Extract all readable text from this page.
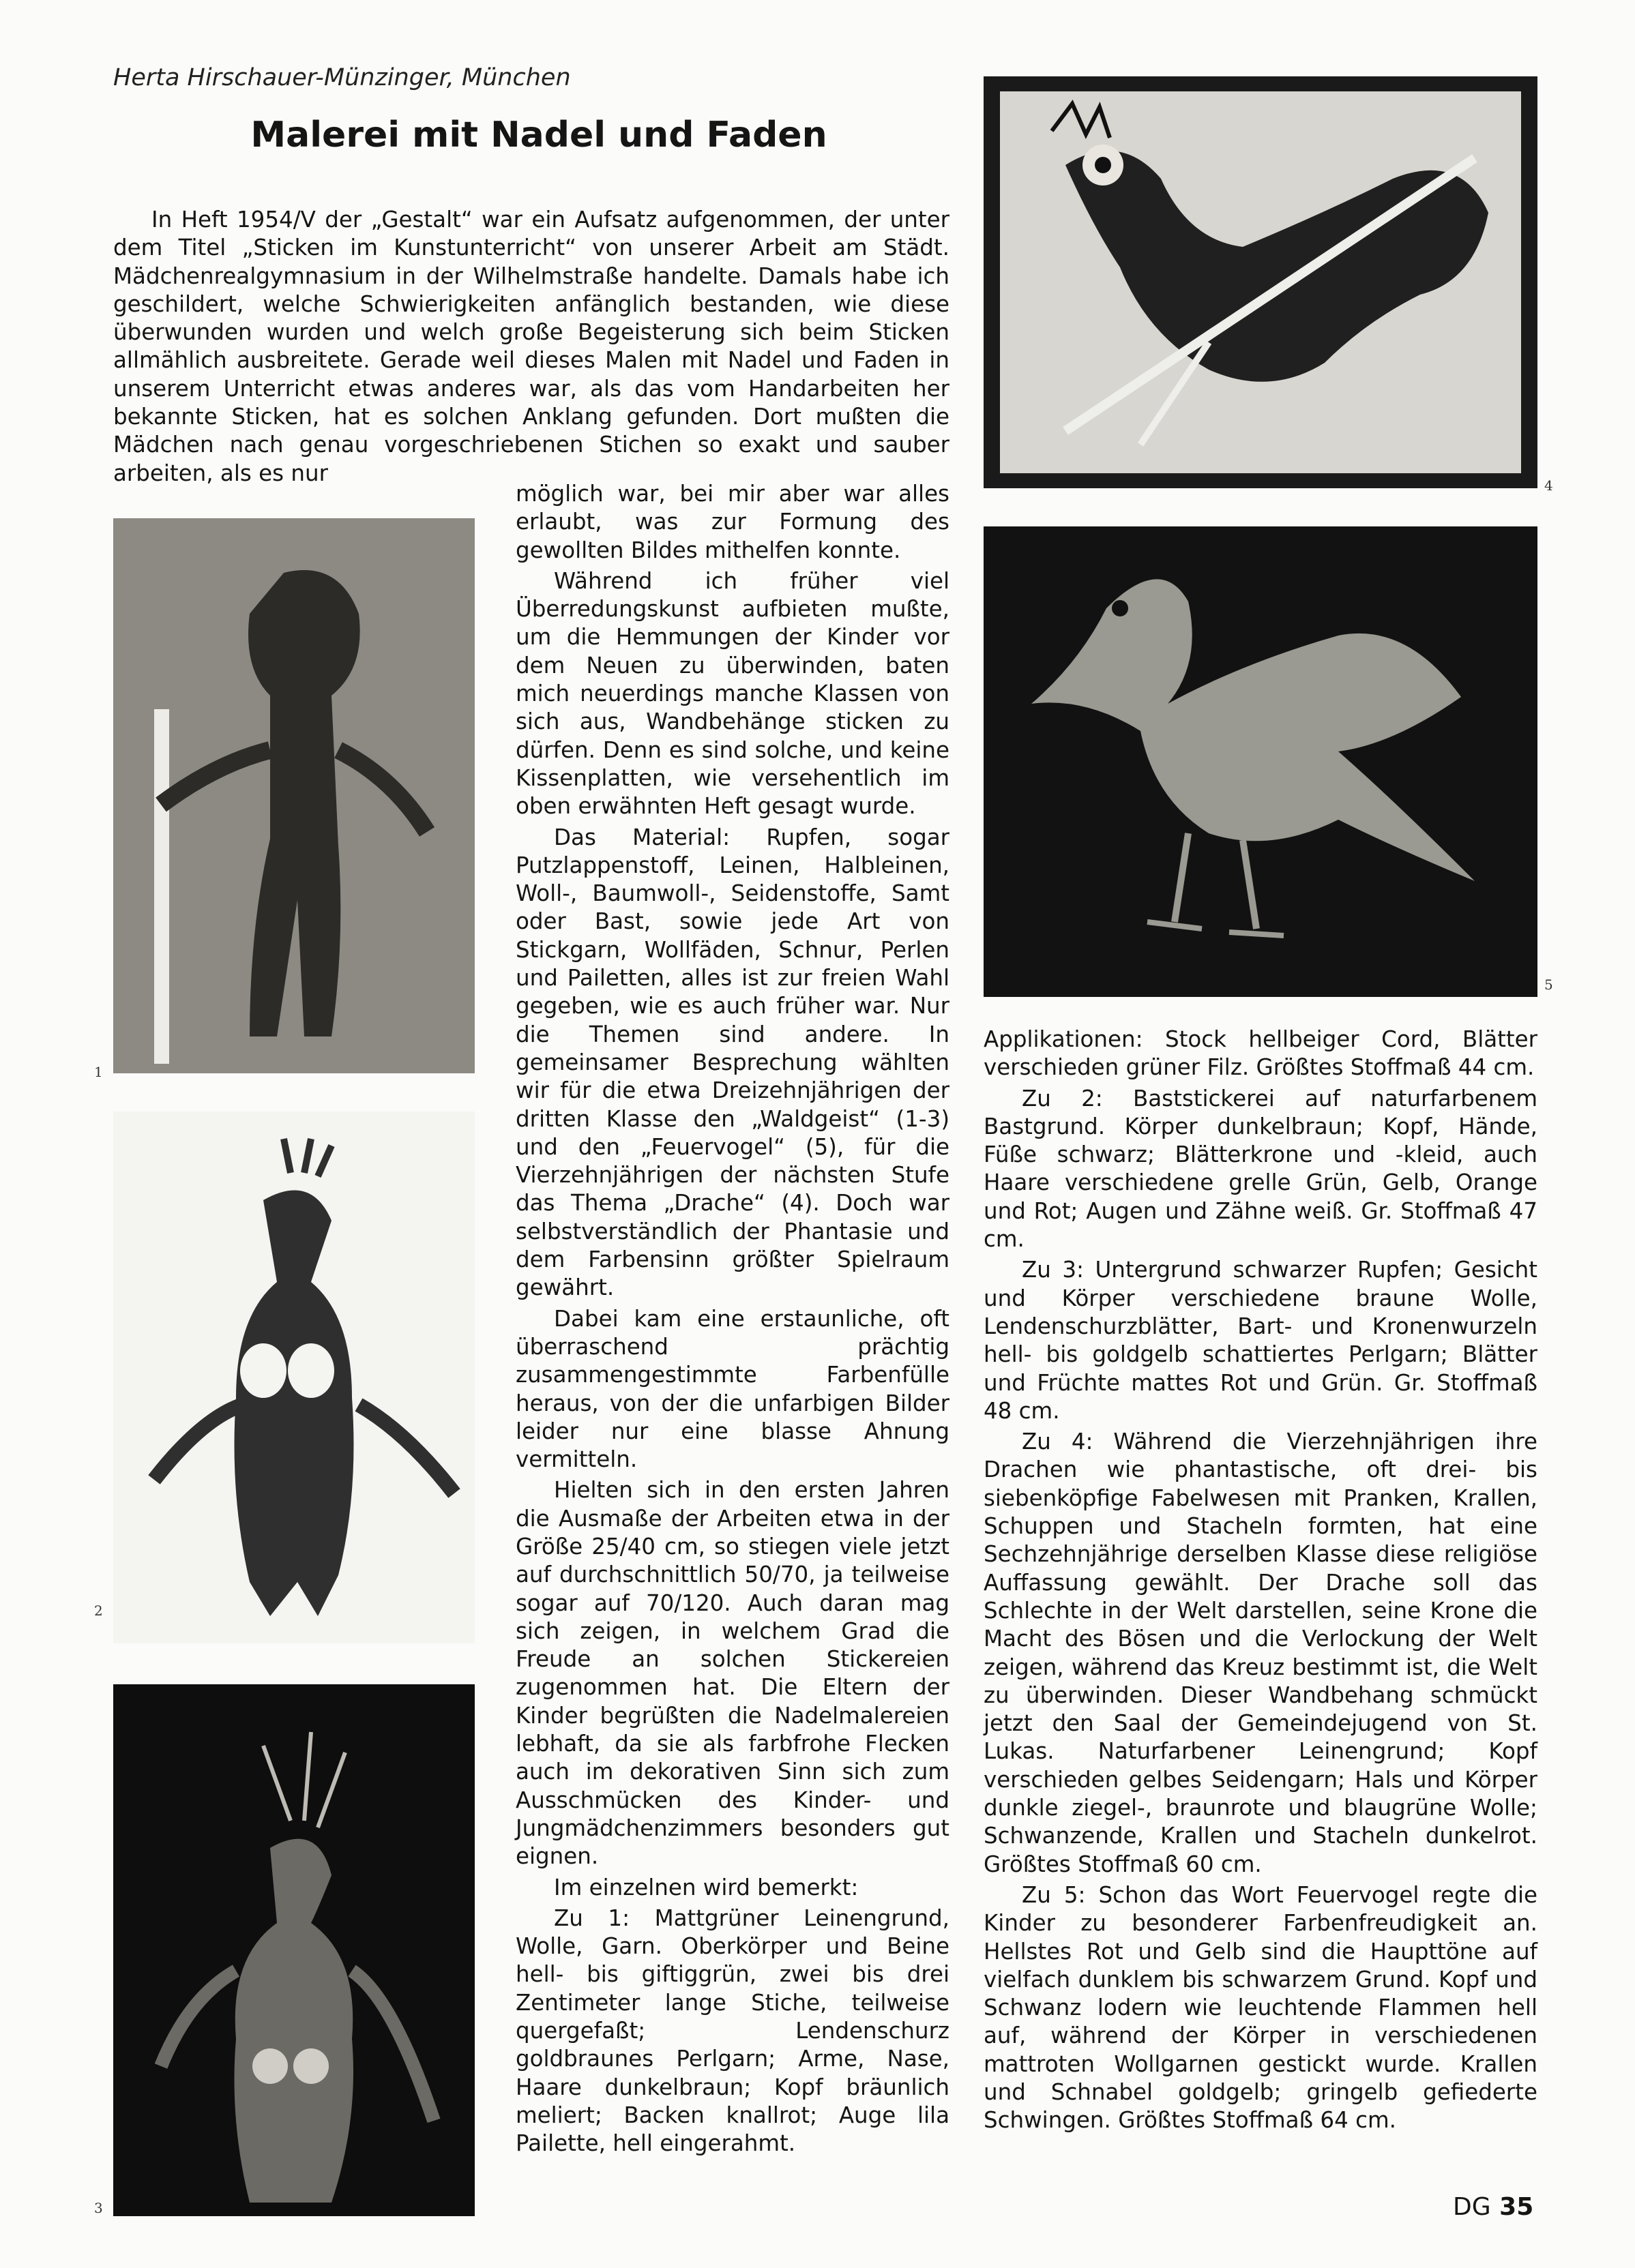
Herta Hirschauer-Münzinger, München
Malerei mit Nadel und Faden

In Heft 1954/V der „Gestalt“ war ein Aufsatz aufgenommen, der unter dem Titel „Sticken im Kunstunterricht“ von unserer Arbeit am Städt. Mädchenrealgymnasium in der Wilhelmstraße handelte. Damals habe ich geschildert, welche Schwierigkeiten anfänglich bestanden, wie diese überwunden wurden und welch große Begeisterung sich beim Sticken allmählich ausbreitete. Gerade weil dieses Malen mit Nadel und Faden in unserem Unterricht etwas anderes war, als das vom Handarbeiten her bekannte Sticken, hat es solchen Anklang gefunden. Dort mußten die Mädchen nach genau vorgeschriebenen Stichen so exakt und sauber arbeiten, als es nur	4
5
1
2
3

möglich war, bei mir aber war alles erlaubt, was zur Formung des gewollten Bildes mithelfen konnte.

Während ich früher viel Überredungskunst aufbieten mußte, um die Hemmungen der Kinder vor dem Neuen zu überwinden, baten mich neuerdings manche Klassen von sich aus, Wandbehänge sticken zu dürfen. Denn es sind solche, und keine Kissenplatten, wie versehentlich im oben erwähnten Heft gesagt wurde.

Das Material: Rupfen, sogar Putzlappenstoff, Leinen, Halbleinen, Woll-, Baumwoll-, Seidenstoffe, Samt oder Bast, sowie jede Art von Stickgarn, Wollfäden, Schnur, Perlen und Pailetten, alles ist zur freien Wahl gegeben, wie es auch früher war. Nur die Themen sind andere. In gemeinsamer Besprechung wählten wir für die etwa Dreizehnjährigen der dritten Klasse den „Waldgeist“ (1-3) und den „Feuervogel“ (5), für die Vierzehnjährigen der nächsten Stufe das Thema „Drache“ (4). Doch war selbstverständlich der Phantasie und dem Farbensinn größter Spielraum gewährt.

Dabei kam eine erstaunliche, oft überraschend prächtig zusammengestimmte Farbenfülle heraus, von der die unfarbigen Bilder leider nur eine blasse Ahnung vermitteln.

Hielten sich in den ersten Jahren die Ausmaße der Arbeiten etwa in der Größe 25/40 cm, so stiegen viele jetzt auf durchschnittlich 50/70, ja teilweise sogar auf 70/120. Auch daran mag sich zeigen, in welchem Grad die Freude an solchen Stickereien zugenommen hat. Die Eltern der Kinder begrüßten die Nadelmalereien lebhaft, da sie als farbfrohe Flecken auch im dekorativen Sinn sich zum Ausschmücken des Kinder- und Jungmädchenzimmers besonders gut eignen.

Im einzelnen wird bemerkt:

Zu 1: Mattgrüner Leinengrund, Wolle, Garn. Oberkörper und Beine hell- bis giftiggrün, zwei bis drei Zentimeter lange Stiche, teilweise quergefaßt; Lendenschurz goldbraunes Perlgarn; Arme, Nase, Haare dunkelbraun; Kopf bräunlich meliert; Backen knallrot; Auge lila Pailette, hell eingerahmt.

Applikationen: Stock hellbeiger Cord, Blätter verschieden grüner Filz. Größtes Stoffmaß 44 cm.

Zu 2: Baststickerei auf naturfarbenem Bastgrund. Körper dunkelbraun; Kopf, Hände, Füße schwarz; Blätterkrone und -kleid, auch Haare verschiedene grelle Grün, Gelb, Orange und Rot; Augen und Zähne weiß. Gr. Stoffmaß 47 cm.

Zu 3: Untergrund schwarzer Rupfen; Gesicht und Körper verschiedene braune Wolle, Lendenschurzblätter, Bart- und Kronenwurzeln hell- bis goldgelb schattiertes Perlgarn; Blätter und Früchte mattes Rot und Grün. Gr. Stoffmaß 48 cm.

Zu 4: Während die Vierzehnjährigen ihre Drachen wie phantastische, oft drei- bis siebenköpfige Fabelwesen mit Pranken, Krallen, Schuppen und Stacheln formten, hat eine Sechzehnjährige derselben Klasse diese religiöse Auffassung gewählt. Der Drache soll das Schlechte in der Welt darstellen, seine Krone die Macht des Bösen und die Verlockung der Welt zeigen, während das Kreuz bestimmt ist, die Welt zu überwinden. Dieser Wandbehang schmückt jetzt den Saal der Gemeindejugend von St. Lukas. Naturfarbener Leinengrund; Kopf verschieden gelbes Seidengarn; Hals und Körper dunkle ziegel-, braunrote und blaugrüne Wolle; Schwanzende, Krallen und Stacheln dunkelrot. Größtes Stoffmaß 60 cm.

Zu 5: Schon das Wort Feuervogel regte die Kinder zu besonderer Farbenfreudigkeit an. Hellstes Rot und Gelb sind die Haupttöne auf vielfach dunklem bis schwarzem Grund. Kopf und Schwanz lodern wie leuchtende Flammen hell auf, während der Körper in verschiedenen mattroten Wollgarnen gestickt wurde. Krallen und Schnabel goldgelb; gringelb gefiederte Schwingen. Größtes Stoffmaß 64 cm.

DG 35
